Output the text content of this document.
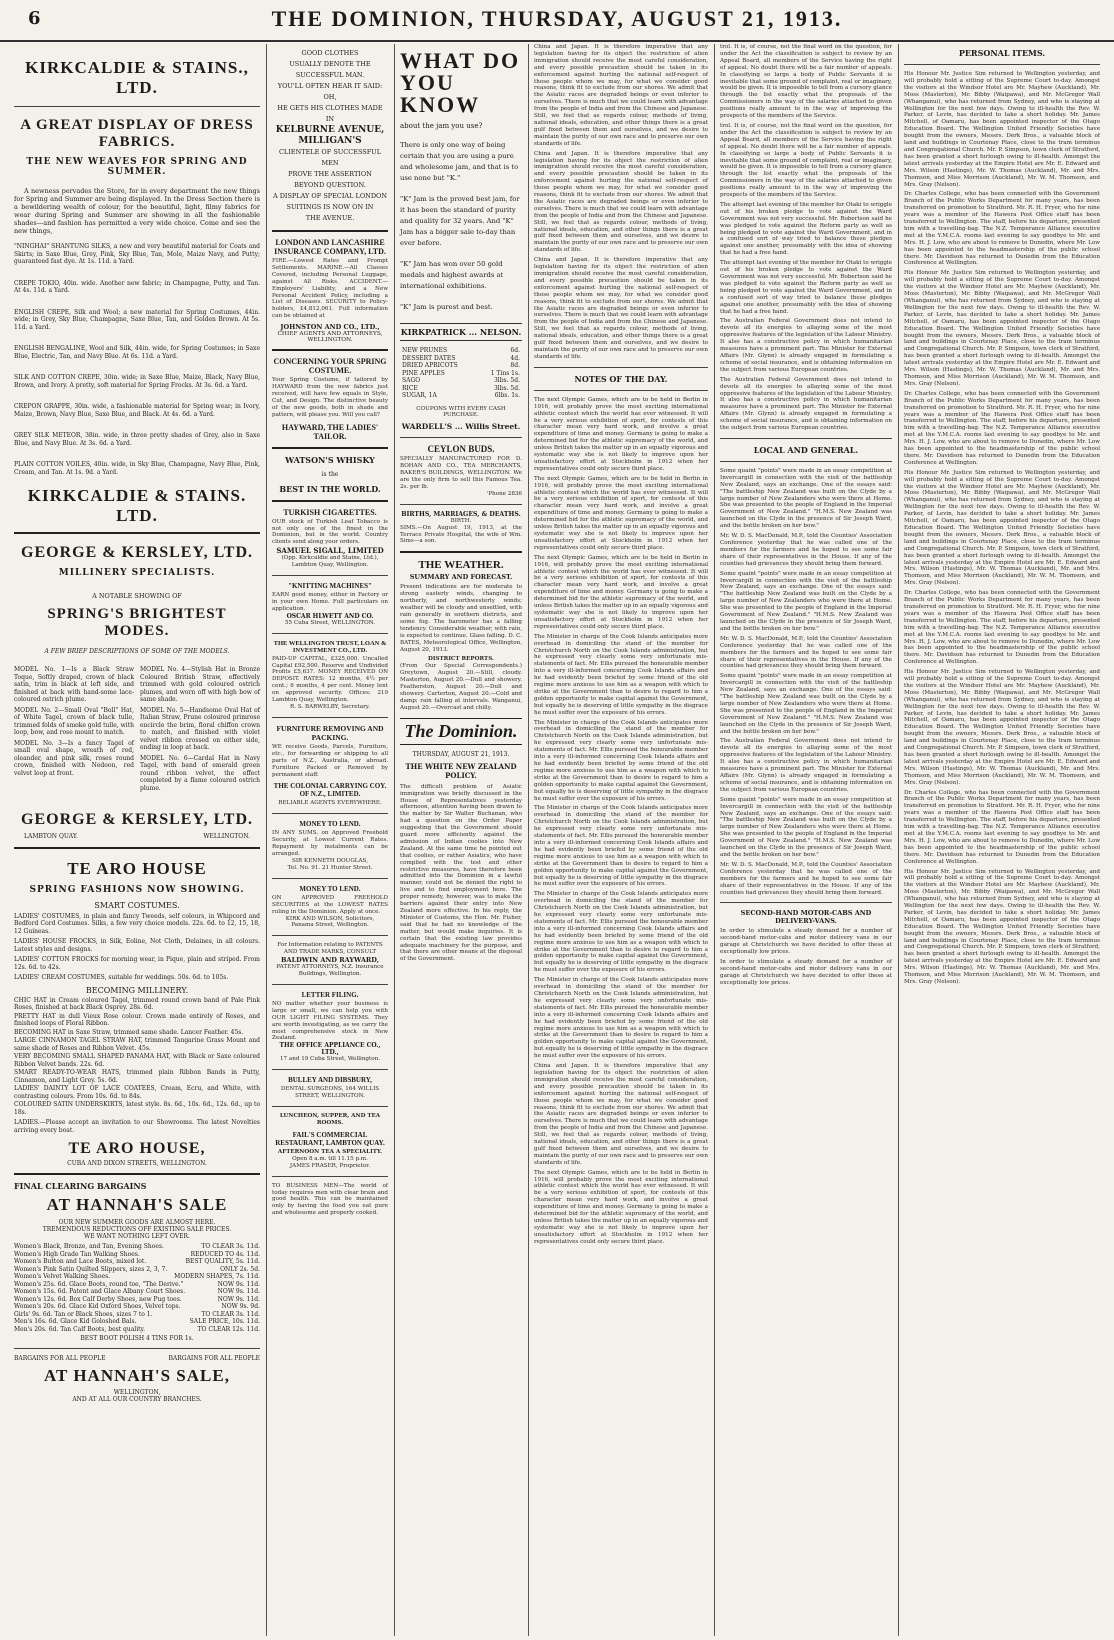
6	THE DOMINION, THURSDAY, AUGUST 21, 1913.
KIRKCALDIE & STAINS., LTD.
A GREAT DISPLAY OF DRESS FABRICS.
THE NEW WEAVES FOR SPRING AND SUMMER.
A newness pervades the Store, for in every department the new things for Spring and Summer are being displayed. In the Dress Section there is a bewildering wealth of colour, for the beautiful, light, filmy fabrics for wear during Spring and Summer are showing in all the fashionable shades—and fashion has permitted a very wide choice. Come and see the new things,
"NINGHAI" SHANTUNG SILKS, a new and very beautiful material for Coats and Skirts; in Saxe Blue, Grey, Pink, Sky Blue, Tan, Mole, Maize Navy, and Putty; guaranteed fast dye. At 1s. 11d. a Yard.
CREPE TOKIO, 40in. wide. Another new fabric; in Champagne, Putty, and Tan. At 4s. 11d. a Yard.
ENGLISH CREPE, Silk and Wool; a new material for Spring Costumes, 44in. wide; in Grey, Sky Blue, Champagne, Saxe Blue, Tan, and Golden Brown. At 5s. 11d. a Yard.
ENGLISH BENGALINE, Wool and Silk, 44in. wide, for Spring Costumes; in Saxe Blue, Electric, Tan, and Navy Blue. At 6s. 11d. a Yard.
SILK AND COTTON CREPE, 30in. wide; in Saxe Blue, Maize, Black, Navy Blue, Brown, and Ivory. A pretty, soft material for Spring Frocks. At 3s. 6d. a Yard.
CREPON GRAPPE, 30in. wide, a fashionable material for Spring wear; in Ivory, Maize, Brown, Navy Blue, Saxe Blue, and Black. At 4s. 6d. a Yard.
GREY SILK METEOR, 38in. wide, in three pretty shades of Grey, also in Saxe Blue, and Navy Blue. At 3s. 6d. a Yard.
PLAIN COTTON VOILES, 40in. wide, in Sky Blue, Champagne, Navy Blue, Pink, Cream, and Tan. At 1s. 9d. a Yard.
KIRKCALDIE & STAINS. LTD.
GEORGE & KERSLEY, LTD.
MILLINERY SPECIALISTS.
A NOTABLE SHOWING OF
SPRING'S BRIGHTEST MODES.
A FEW BRIEF DESCRIPTIONS OF SOME OF THE MODELS.
MODEL No. 1—Is a Black Straw Toque, Softly draped, crown of black satin, trim in black at left side, and finished at back with hand-some lace-coloured ostrich plume.
MODEL No. 2—Small Oval "Boll" Hat, of White Tagel, crown of black tulle, trimmed folds of smoke gold tulle, with loop, bow, and rose mount to match.
MODEL No. 3—Is a fancy Tagel of small oval shape, wreath of red, oleander, and pink silk, roses round crown, finished with Nedoon, red velvet loop at front.
MODEL No. 4—Stylish Hat in Bronze Coloured British Straw, effectively trimmed with gold coloured ostrich plumes, and worn off with high bow of same shade.
MODEL No. 5—Handsome Oval Hat of Italian Straw, Prune coloured primrose encircle the brim, floral chiffon crown to match, and finished with violet velvet ribbon crossed on either side, ending in loop at back.
MODEL No. 6—Cardal Hat in Navy Tagel, with band of emerald green round ribbon velvet, the effect completed by a flame coloured ostrich plume.
GEORGE & KERSLEY, LTD.
LAMBTON QUAY.	WELLINGTON.
TE ARO HOUSE
SPRING FASHIONS NOW SHOWING.
SMART COSTUMES.
LADIES' COSTUMES, in plain and fancy Tweeds, self colours, in Whipcord and Bedford Cord Costumes. Silks, a few very choice models. 22s. 6d. to 12, 15, 18, 12 Guineas.
LADIES' HOUSE FROCKS, in Silk, Eoline, Not Cloth, Delaines, in all colours. Latest styles and designs.
LADIES' COTTON FROCKS for morning wear, in Pique, plain and striped. From 12s. 6d. to 42s.
LADIES' CREAM COSTUMES, suitable for weddings. 50s. 6d. to 105s.
BECOMING MILLINERY.
CHIC HAT in Cream coloured Tagel, trimmed round crown band of Pale Pink Roses, finished at back Black Osprey. 28s. 6d.
PRETTY HAT in dull Vieux Rose colour. Crown made entirely of Roses, and finished loops of Floral Ribbon.
BECOMING HAT in Saxe Straw, trimmed same shade. Lancer Feather. 45s.
LARGE CINNAMON TAGEL STRAW HAT, trimmed Tangarine Grass Mount and same shade of Roses and Ribbon Velvet. 45s.
VERY BECOMING SMALL SHAPED PANAMA HAT, with Black or Saxe coloured Ribbon Velvet bands. 22s. 6d.
SMART READY-TO-WEAR HATS, trimmed plain Ribbon Bands in Putty, Cinnamon, and Light Grey. 5s. 6d.
LADIES' DAINTY LOT OF LACE COATEES, Cream, Ecru, and White, with contrasting colours. From 10s. 6d. to 84s.
COLOURED SATIN UNDERSKIRTS, latest style. 8s. 6d., 10s. 6d., 12s. 6d., up to 18s.
LADIES.—Please accept an invitation to our Showrooms. The latest Novelties arriving every boat.
TE ARO HOUSE,
CUBA AND DIXON STREETS, WELLINGTON.
FINAL CLEARING BARGAINS
AT HANNAH'S SALE
OUR NEW SUMMER GOODS ARE ALMOST HERE.
TREMENDOUS REDUCTIONS OFF EXISTING SALE PRICES.
WE WANT NOTHING LEFT OVER.
Women's Black, Bronze, and Tan, Evening Shoes.	TO CLEAR 3s. 11d.
Women's High Grade Tan Walking Shoes.	REDUCED TO 4s. 11d.
Women's Button and Lace Boots, mixed lot.	BEST QUALITY, 5s. 11d.
Women's Pink Satin Quilted Slippers, sizes 2, 3, 7.	ONLY 2s. 5d.
Women's Velvet Walking Shoes.	MODERN SHAPES, 7s. 11d.
Women's 25s. 6d. Glace Boots, round toe, "The Derive."	NOW 9s. 11d.
Women's 15s. 6d. Patent and Glace Albany Court Shoes.	NOW 9s. 11d.
Women's 12s. 6d. Box Calf Derby Shoes, new Pug toes.	NOW 9s. 11d.
Women's 20s. 6d. Glace Kid Oxford Shoes, Velvet tops.	NOW 9s. 9d.
Girls' 9s. 6d. Tan or Black Shoes, sizes 7 to 1.	TO CLEAR 3s. 11d.
Men's 16s. 6d. Glace Kid Goloshed Bals.	SALE PRICE, 10s. 11d.
Men's 20s. 6d. Tan Calf Boots, best quality.	TO CLEAR 12s. 11d.
BEST BOOT POLISH 4 TINS FOR 1s.
BARGAINS FOR ALL PEOPLE	BARGAINS FOR ALL PEOPLE
AT HANNAH'S SALE,
WELLINGTON,
AND AT ALL OUR COUNTRY BRANCHES.
GOOD CLOTHES
USUALLY DENOTE THE
SUCCESSFUL MAN.
YOU'LL OFTEN HEAR IT SAID: OH,
HE GETS HIS CLOTHES MADE
IN
KELBURNE AVENUE,
MILLIGAN'S
CLIENTELE OF SUCCESSFUL MEN
PROVE THE ASSERTION
BEYOND QUESTION.
A DISPLAY OF SPECIAL LONDON
SUITINGS IS NOW ON IN
THE AVENUE.
LONDON AND LANCASHIRE INSURANCE COMPANY, LTD.
FIRE.—Lowest Rates and Prompt Settlements. MARINE.—All Classes Covered, including Personal Luggage, against All Risks. ACCIDENT.—Employers' Liability, and a New Personal Accident Policy, including a List of Diseases. SECURITY to Policy-holders, £4,812,061. Full information can be obtained at
JOHNSTON AND CO., LTD.,
CHIEF AGENTS AND ATTORNEYS, WELLINGTON.
CONCERNING YOUR SPRING COSTUME.
Your Spring Costume, if tailored by HAYWARD from the new fabrics just received, will have few equals in Style, Cut, and Design. The distinctive beauty of the new goods, both in shade and pattern, will please you. Will you call?
HAYWARD, THE LADIES' TAILOR.
WATSON'S WHISKY
is the
BEST IN THE WORLD.
TURKISH CIGARETTES.
OUR stock of Turkish Leaf Tobacco is not only one of the finest in the Dominion, but in the world. Country clients send along your orders.
SAMUEL SIGALL, LIMITED
(Opp. Kirkcaldie and Stains, Ltd.), Lambton Quay, Wellington.
"KNITTING MACHINES"
EARN good money, either in Factory or in your own Home. Full particulars on application.
OSCAR HLWETT AND CO.
55 Cuba Street, WELLINGTON.
THE WELLINGTON TRUST, LOAN & INVESTMENT CO., LTD.
PAID-UP CAPITAL, £325,000. Uncalled Capital £92,500. Reserve and Undivided Profits £5,637. MONEY RECEIVED ON DEPOSIT. RATES: 12 months, 4½ per cent.; 6 months, 4 per cent. Money lent on approved security. Offices: 219 Lambton Quay, Wellington.
R. S. BARWELBY, Secretary.
FURNITURE REMOVING AND PACKING.
WE receive Goods, Parcels, Furniture, etc., for forwarding or shipping to all parts of N.Z., Australia, or abroad. Furniture Packed or Removed by permanent staff.
THE COLONIAL CARRYING COY. OF N.Z., LIMITED.
RELIABLE AGENTS EVERYWHERE.
MONEY TO LEND.
IN ANY SUMS, on Approved Freehold Security, at Lowest Current Rates. Repayment by instalments can be arranged.
SIR KENNETH DOUGLAS,
Tel. No. 91. 21 Hunter Street.
MONEY TO LEND.
ON APPROVED FREEHOLD SECURITIES at the LOWEST RATES ruling in the Dominion. Apply at once.
KIRK AND WILSON, Solicitors,
Panama Street, Wellington.
For Information relating to PATENTS AND TRADE MARKS, CONSULT
BALDWIN AND RAYWARD,
PATENT ATTORNEYS, N.Z. Insurance Buildings, Wellington.
LETTER FILING.
NO matter whether your business is large or small, we can help you with OUR LIGHT FILING SYSTEMS. They are worth investigating, as we carry the most comprehensive stock in New Zealand.
THE OFFICE APPLIANCE CO., LTD.,
17 and 19 Cuba Street, Wellington.
BULLEY AND DIBSBURY,
DENTAL SURGEONS, 164 WILLIS STREET, WELLINGTON.
LUNCHEON, SUPPER, AND TEA ROOMS.
FAIL'S COMMERCIAL RESTAURANT, LAMBTON QUAY.
AFTERNOON TEA A SPECIALITY.
Open 8 a.m. till 11.15 p.m.
JAMES FRASER, Proprietor.
TO BUSINESS MEN—The world of today requires men with clear brain and good health. This can be maintained only by having the food you eat pure and wholesome and properly cooked.
WHAT DO YOU KNOW
about the jam you use?
There is only one way of being certain that you are using a pure and wholesome jam, and that is to use none but "K."
"K" Jam is the proved best jam, for it has been the standard of purity and quality for 32 years. And "K" Jam has a bigger sale to-day than ever before.
"K" Jam has won over 50 gold medals and highest awards at international exhibitions.
"K" Jam is purest and best.
KIRKPATRICK ... NELSON.
NEW PRUNES	6d.
DESSERT DATES	4d.
DRIED APRICOTS	8d.
PINE APPLES	1 Tins 1s.
SAGO	3lbs. 5d.
RICE	3lbs. 5d.
SUGAR, 1A	6lbs. 1s.
COUPONS WITH EVERY CASH PURCHASE.
WARDELL'S ... Willis Street.
CEYLON BUDS.
SPECIALLY MANUFACTURED FOR D. BOHAN AND CO., TEA MERCHANTS, BAKER'S BUILDINGS, WELLINGTON. We are the only firm to sell this Famous Tea. 2s. per lb.
'Phone 2836
BIRTHS, MARRIAGES, & DEATHS.
BIRTH.
SIMS.—On August 19, 1913, at the Terrace Private Hospital, the wife of Wm. Sims—a son.
THE WEATHER.
SUMMARY AND FORECAST.
Present indications are for moderate to strong easterly winds, changing to northerly, and northwesterly winds; weather will be cloudy and unsettled, with rain generally in southern districts, and some fog. The barometer has a falling tendency. Considerable weather, with rain, is expected to continue. Glass falling. D. C. BATES, Meteorological Office, Wellington, August 20, 1913.
DISTRICT REPORTS.
(From Our Special Correspondents.) Greytown, August 20.—Still, cloudy. Masterton, August 20.—Dull and showery. Featherston, August 20.—Dull and showery. Carterton, August 20.—Cold and damp; rain falling at intervals. Wanganui, August 20.—Overcast and chilly.
The Dominion.
THURSDAY, AUGUST 21, 1913.
THE WHITE NEW ZEALAND POLICY.
The difficult problem of Asiatic immigration was briefly discussed in the House of Representatives yesterday afternoon, attention having been drawn to the matter by Sir Walter Buchanan, who had a question on the Order Paper suggesting that the Government should guard more efficiently against the admission of Indian coolies into New Zealand. At the same time he pointed out that coolies, or rather Asiatics, who have complied with the test and other restrictive measures, have therefore been admitted into the Dominion in a lawful manner, could not be denied the right to live and to find employment here. The proper remedy, however, was to make the barriers against their entry into New Zealand more effective. In his reply, the Minister of Customs, the Hon. Mr. Fisher, said that he had no knowledge of the matter, but would make inquiries. It is certain that the existing law provides adequate machinery for the purpose, and that there are other means at the disposal of the Government.
China and Japan. It is therefore imperative that any legislation having for its object the restriction of alien immigration should receive the most careful consideration, and every possible precaution should be taken in its enforcement against hurting the national self-respect of those people whom we may, for what we consider good reasons, think fit to exclude from our shores. We admit that the Asiatic races are degraded beings or even inferior to ourselves. There is much that we could learn with advantage from the people of India and from the Chinese and Japanese. Still, we feel that as regards colour, methods of living, national ideals, education, and other things there is a great gulf fixed between them and ourselves, and we desire to maintain the purity of our own race and to preserve our own standards of life.
China and Japan. It is therefore imperative that any legislation having for its object the restriction of alien immigration should receive the most careful consideration, and every possible precaution should be taken in its enforcement against hurting the national self-respect of those people whom we may, for what we consider good reasons, think fit to exclude from our shores. We admit that the Asiatic races are degraded beings or even inferior to ourselves. There is much that we could learn with advantage from the people of India and from the Chinese and Japanese. Still, we feel that as regards colour, methods of living, national ideals, education, and other things there is a great gulf fixed between them and ourselves, and we desire to maintain the purity of our own race and to preserve our own standards of life.
China and Japan. It is therefore imperative that any legislation having for its object the restriction of alien immigration should receive the most careful consideration, and every possible precaution should be taken in its enforcement against hurting the national self-respect of those people whom we may, for what we consider good reasons, think fit to exclude from our shores. We admit that the Asiatic races are degraded beings or even inferior to ourselves. There is much that we could learn with advantage from the people of India and from the Chinese and Japanese. Still, we feel that as regards colour, methods of living, national ideals, education, and other things there is a great gulf fixed between them and ourselves, and we desire to maintain the purity of our own race and to preserve our own standards of life.
NOTES OF THE DAY.
The next Olympic Games, which are to be held in Berlin in 1916, will probably prove the most exciting international athletic contest which the world has ever witnessed. It will be a very serious exhibition of sport, for contests of this character mean very hard work, and involve a great expenditure of time and money. Germany is going to make a determined bid for the athletic supremacy of the world, and unless British takes the matter up in an equally vigorous and systematic way she is not likely to improve upon her unsatisfactory effort at Stockholm in 1912 when her representatives could only secure third place.
The next Olympic Games, which are to be held in Berlin in 1916, will probably prove the most exciting international athletic contest which the world has ever witnessed. It will be a very serious exhibition of sport, for contests of this character mean very hard work, and involve a great expenditure of time and money. Germany is going to make a determined bid for the athletic supremacy of the world, and unless British takes the matter up in an equally vigorous and systematic way she is not likely to improve upon her unsatisfactory effort at Stockholm in 1912 when her representatives could only secure third place.
The next Olympic Games, which are to be held in Berlin in 1916, will probably prove the most exciting international athletic contest which the world has ever witnessed. It will be a very serious exhibition of sport, for contests of this character mean very hard work, and involve a great expenditure of time and money. Germany is going to make a determined bid for the athletic supremacy of the world, and unless British takes the matter up in an equally vigorous and systematic way she is not likely to improve upon her unsatisfactory effort at Stockholm in 1912 when her representatives could only secure third place.
The Minister in charge of the Cook Islands anticipates more overhead in domiciling the stand of the member for Christchurch North on the Cook Islands administration, but he expressed very clearly some very unfortunate mis-statements of fact. Mr. Ellis pursued the honourable member into a very ill-informed concerning Cook Islands affairs and he had evidently been briefed by some friend of the old regime more anxious to use him as a weapon with which to strike at the Government than to desire to regard to him a golden opportunity to make capital against the Government, but equally he is deserving of little sympathy in the disgrace he must suffer over the exposure of his errors.
The Minister in charge of the Cook Islands anticipates more overhead in domiciling the stand of the member for Christchurch North on the Cook Islands administration, but he expressed very clearly some very unfortunate mis-statements of fact. Mr. Ellis pursued the honourable member into a very ill-informed concerning Cook Islands affairs and he had evidently been briefed by some friend of the old regime more anxious to use him as a weapon with which to strike at the Government than to desire to regard to him a golden opportunity to make capital against the Government, but equally he is deserving of little sympathy in the disgrace he must suffer over the exposure of his errors.
The Minister in charge of the Cook Islands anticipates more overhead in domiciling the stand of the member for Christchurch North on the Cook Islands administration, but he expressed very clearly some very unfortunate mis-statements of fact. Mr. Ellis pursued the honourable member into a very ill-informed concerning Cook Islands affairs and he had evidently been briefed by some friend of the old regime more anxious to use him as a weapon with which to strike at the Government than to desire to regard to him a golden opportunity to make capital against the Government, but equally he is deserving of little sympathy in the disgrace he must suffer over the exposure of his errors.
The Minister in charge of the Cook Islands anticipates more overhead in domiciling the stand of the member for Christchurch North on the Cook Islands administration, but he expressed very clearly some very unfortunate mis-statements of fact. Mr. Ellis pursued the honourable member into a very ill-informed concerning Cook Islands affairs and he had evidently been briefed by some friend of the old regime more anxious to use him as a weapon with which to strike at the Government than to desire to regard to him a golden opportunity to make capital against the Government, but equally he is deserving of little sympathy in the disgrace he must suffer over the exposure of his errors.
The Minister in charge of the Cook Islands anticipates more overhead in domiciling the stand of the member for Christchurch North on the Cook Islands administration, but he expressed very clearly some very unfortunate mis-statements of fact. Mr. Ellis pursued the honourable member into a very ill-informed concerning Cook Islands affairs and he had evidently been briefed by some friend of the old regime more anxious to use him as a weapon with which to strike at the Government than to desire to regard to him a golden opportunity to make capital against the Government, but equally he is deserving of little sympathy in the disgrace he must suffer over the exposure of his errors.
China and Japan. It is therefore imperative that any legislation having for its object the restriction of alien immigration should receive the most careful consideration, and every possible precaution should be taken in its enforcement against hurting the national self-respect of those people whom we may, for what we consider good reasons, think fit to exclude from our shores. We admit that the Asiatic races are degraded beings or even inferior to ourselves. There is much that we could learn with advantage from the people of India and from the Chinese and Japanese. Still, we feel that as regards colour, methods of living, national ideals, education, and other things there is a great gulf fixed between them and ourselves, and we desire to maintain the purity of our own race and to preserve our own standards of life.
The next Olympic Games, which are to be held in Berlin in 1916, will probably prove the most exciting international athletic contest which the world has ever witnessed. It will be a very serious exhibition of sport, for contests of this character mean very hard work, and involve a great expenditure of time and money. Germany is going to make a determined bid for the athletic supremacy of the world, and unless British takes the matter up in an equally vigorous and systematic way she is not likely to improve upon her unsatisfactory effort at Stockholm in 1912 when her representatives could only secure third place.
trol. It is, of course, not the final word on the question, for under the Act the classification is subject to review by an Appeal Board, all members of the Service having the right of appeal. No doubt there will be a fair number of appeals. In classifying so large a body of Public Servants it is inevitable that some ground of complaint, real or imaginary, would be given. It is impossible to tell from a cursory glance through the list exactly what the proposals of the Commissioners in the way of the salaries attached to given positions really amount to in the way of improving the prospects of the members of the Service.
trol. It is, of course, not the final word on the question, for under the Act the classification is subject to review by an Appeal Board, all members of the Service having the right of appeal. No doubt there will be a fair number of appeals. In classifying so large a body of Public Servants it is inevitable that some ground of complaint, real or imaginary, would be given. It is impossible to tell from a cursory glance through the list exactly what the proposals of the Commissioners in the way of the salaries attached to given positions really amount to in the way of improving the prospects of the members of the Service.
The attempt last evening of the member for Otaki to wriggle out of his broken pledge to vote against the Ward Government was not very successful. Mr. Robertson said he was pledged to vote against the Reform party as well as being pledged to vote against the Ward Government, and in a confused sort of way tried to balance these pledges against one another, presumably with the idea of showing that he had a free hand.
The attempt last evening of the member for Otaki to wriggle out of his broken pledge to vote against the Ward Government was not very successful. Mr. Robertson said he was pledged to vote against the Reform party as well as being pledged to vote against the Ward Government, and in a confused sort of way tried to balance these pledges against one another, presumably with the idea of showing that he had a free hand.
The Australian Federal Government does not intend to devote all its energies to allaying some of the most oppressive features of the legislation of the Labour Ministry. It also has a constructive policy in which humanitarian measures have a prominent part. The Minister for External Affairs (Mr. Glynn) is already engaged in formulating a scheme of social insurance, and is obtaining information on the subject from various European countries.
The Australian Federal Government does not intend to devote all its energies to allaying some of the most oppressive features of the legislation of the Labour Ministry. It also has a constructive policy in which humanitarian measures have a prominent part. The Minister for External Affairs (Mr. Glynn) is already engaged in formulating a scheme of social insurance, and is obtaining information on the subject from various European countries.
LOCAL AND GENERAL.
Some quaint "points" were made in an essay competition at Invercargill in connection with the visit of the battleship New Zealand, says an exchange. One of the essays said: "The battleship New Zealand was built on the Clyde by a large number of New Zealanders who were there at Home. She was presented to the people of England in the Imperial Government of New Zealand." "H.M.S. New Zealand was launched on the Clyde in the presence of Sir Joseph Ward, and the bottle broken on her bow."
Mr. W. D. S. MacDonald, M.P., told the Counties' Association Conference yesterday that he was called one of the members for the farmers and he hoped to see some fair share of their representatives in the House. If any of the counties had grievances they should bring them forward.
Some quaint "points" were made in an essay competition at Invercargill in connection with the visit of the battleship New Zealand, says an exchange. One of the essays said: "The battleship New Zealand was built on the Clyde by a large number of New Zealanders who were there at Home. She was presented to the people of England in the Imperial Government of New Zealand." "H.M.S. New Zealand was launched on the Clyde in the presence of Sir Joseph Ward, and the bottle broken on her bow."
Mr. W. D. S. MacDonald, M.P., told the Counties' Association Conference yesterday that he was called one of the members for the farmers and he hoped to see some fair share of their representatives in the House. If any of the counties had grievances they should bring them forward.
Some quaint "points" were made in an essay competition at Invercargill in connection with the visit of the battleship New Zealand, says an exchange. One of the essays said: "The battleship New Zealand was built on the Clyde by a large number of New Zealanders who were there at Home. She was presented to the people of England in the Imperial Government of New Zealand." "H.M.S. New Zealand was launched on the Clyde in the presence of Sir Joseph Ward, and the bottle broken on her bow."
The Australian Federal Government does not intend to devote all its energies to allaying some of the most oppressive features of the legislation of the Labour Ministry. It also has a constructive policy in which humanitarian measures have a prominent part. The Minister for External Affairs (Mr. Glynn) is already engaged in formulating a scheme of social insurance, and is obtaining information on the subject from various European countries.
Some quaint "points" were made in an essay competition at Invercargill in connection with the visit of the battleship New Zealand, says an exchange. One of the essays said: "The battleship New Zealand was built on the Clyde by a large number of New Zealanders who were there at Home. She was presented to the people of England in the Imperial Government of New Zealand." "H.M.S. New Zealand was launched on the Clyde in the presence of Sir Joseph Ward, and the bottle broken on her bow."
Mr. W. D. S. MacDonald, M.P., told the Counties' Association Conference yesterday that he was called one of the members for the farmers and he hoped to see some fair share of their representatives in the House. If any of the counties had grievances they should bring them forward.
SECOND-HAND MOTOR-CABS AND DELIVERY-VANS.
In order to stimulate a steady demand for a number of second-hand motor-cabs and motor delivery vans in our garage at Christchurch we have decided to offer these at exceptionally low prices.
In order to stimulate a steady demand for a number of second-hand motor-cabs and motor delivery vans in our garage at Christchurch we have decided to offer these at exceptionally low prices.
PERSONAL ITEMS.
His Honour Mr. Justice Sim returned to Wellington yesterday, and will probably hold a sitting of the Supreme Court to-day. Amongst the visitors at the Windsor Hotel are Mr. Mayhew (Auckland), Mr. Moss (Masterton), Mr. Bibby (Waipawa), and Mr. McGregor Wall (Whanganui), who has returned from Sydney, and who is staying at Wellington for the next few days. Owing to ill-health the Rev. W. Parker, of Levin, has decided to take a short holiday. Mr. James Mitchell, of Oamaru, has been appointed inspector of the Otago Education Board. The Wellington United Friendly Societies have bought from the owners, Messrs. Derk Bros., a valuable block of land and buildings in Courtenay Place, close to the tram terminus and Congregational Church. Mr. P. Simpson, town clerk of Stratford, has been granted a short furlough owing to ill-health. Amongst the latest arrivals yesterday at the Empire Hotel are Mr. E. Edward and Mrs. Wilson (Hastings), Mr. W. Thomas (Auckland), Mr. and Mrs. Thomson, and Miss Morrison (Auckland), Mr. W. M. Thomson, and Mrs. Gray (Nelson).
Dr. Charles College, who has been connected with the Government Branch of the Public Works Department for many years, has been transferred on promotion to Stratford. Mr. R. H. Fryer, who for nine years was a member of the Hawera Post Office staff has been transferred to Wellington. The staff, before his departure, presented him with a travelling-bag. The N.Z. Temperance Alliance executive met at the Y.M.C.A. rooms last evening to say goodbye to Mr. and Mrs. H. J. Low, who are about to remove to Dunedin, where Mr. Low has been appointed to the headmastership of the public school there. Mr. Davidson has returned to Dunedin from the Education Conference at Wellington.
His Honour Mr. Justice Sim returned to Wellington yesterday, and will probably hold a sitting of the Supreme Court to-day. Amongst the visitors at the Windsor Hotel are Mr. Mayhew (Auckland), Mr. Moss (Masterton), Mr. Bibby (Waipawa), and Mr. McGregor Wall (Whanganui), who has returned from Sydney, and who is staying at Wellington for the next few days. Owing to ill-health the Rev. W. Parker, of Levin, has decided to take a short holiday. Mr. James Mitchell, of Oamaru, has been appointed inspector of the Otago Education Board. The Wellington United Friendly Societies have bought from the owners, Messrs. Derk Bros., a valuable block of land and buildings in Courtenay Place, close to the tram terminus and Congregational Church. Mr. P. Simpson, town clerk of Stratford, has been granted a short furlough owing to ill-health. Amongst the latest arrivals yesterday at the Empire Hotel are Mr. E. Edward and Mrs. Wilson (Hastings), Mr. W. Thomas (Auckland), Mr. and Mrs. Thomson, and Miss Morrison (Auckland), Mr. W. M. Thomson, and Mrs. Gray (Nelson).
Dr. Charles College, who has been connected with the Government Branch of the Public Works Department for many years, has been transferred on promotion to Stratford. Mr. R. H. Fryer, who for nine years was a member of the Hawera Post Office staff has been transferred to Wellington. The staff, before his departure, presented him with a travelling-bag. The N.Z. Temperance Alliance executive met at the Y.M.C.A. rooms last evening to say goodbye to Mr. and Mrs. H. J. Low, who are about to remove to Dunedin, where Mr. Low has been appointed to the headmastership of the public school there. Mr. Davidson has returned to Dunedin from the Education Conference at Wellington.
His Honour Mr. Justice Sim returned to Wellington yesterday, and will probably hold a sitting of the Supreme Court to-day. Amongst the visitors at the Windsor Hotel are Mr. Mayhew (Auckland), Mr. Moss (Masterton), Mr. Bibby (Waipawa), and Mr. McGregor Wall (Whanganui), who has returned from Sydney, and who is staying at Wellington for the next few days. Owing to ill-health the Rev. W. Parker, of Levin, has decided to take a short holiday. Mr. James Mitchell, of Oamaru, has been appointed inspector of the Otago Education Board. The Wellington United Friendly Societies have bought from the owners, Messrs. Derk Bros., a valuable block of land and buildings in Courtenay Place, close to the tram terminus and Congregational Church. Mr. P. Simpson, town clerk of Stratford, has been granted a short furlough owing to ill-health. Amongst the latest arrivals yesterday at the Empire Hotel are Mr. E. Edward and Mrs. Wilson (Hastings), Mr. W. Thomas (Auckland), Mr. and Mrs. Thomson, and Miss Morrison (Auckland), Mr. W. M. Thomson, and Mrs. Gray (Nelson).
Dr. Charles College, who has been connected with the Government Branch of the Public Works Department for many years, has been transferred on promotion to Stratford. Mr. R. H. Fryer, who for nine years was a member of the Hawera Post Office staff has been transferred to Wellington. The staff, before his departure, presented him with a travelling-bag. The N.Z. Temperance Alliance executive met at the Y.M.C.A. rooms last evening to say goodbye to Mr. and Mrs. H. J. Low, who are about to remove to Dunedin, where Mr. Low has been appointed to the headmastership of the public school there. Mr. Davidson has returned to Dunedin from the Education Conference at Wellington.
His Honour Mr. Justice Sim returned to Wellington yesterday, and will probably hold a sitting of the Supreme Court to-day. Amongst the visitors at the Windsor Hotel are Mr. Mayhew (Auckland), Mr. Moss (Masterton), Mr. Bibby (Waipawa), and Mr. McGregor Wall (Whanganui), who has returned from Sydney, and who is staying at Wellington for the next few days. Owing to ill-health the Rev. W. Parker, of Levin, has decided to take a short holiday. Mr. James Mitchell, of Oamaru, has been appointed inspector of the Otago Education Board. The Wellington United Friendly Societies have bought from the owners, Messrs. Derk Bros., a valuable block of land and buildings in Courtenay Place, close to the tram terminus and Congregational Church. Mr. P. Simpson, town clerk of Stratford, has been granted a short furlough owing to ill-health. Amongst the latest arrivals yesterday at the Empire Hotel are Mr. E. Edward and Mrs. Wilson (Hastings), Mr. W. Thomas (Auckland), Mr. and Mrs. Thomson, and Miss Morrison (Auckland), Mr. W. M. Thomson, and Mrs. Gray (Nelson).
Dr. Charles College, who has been connected with the Government Branch of the Public Works Department for many years, has been transferred on promotion to Stratford. Mr. R. H. Fryer, who for nine years was a member of the Hawera Post Office staff has been transferred to Wellington. The staff, before his departure, presented him with a travelling-bag. The N.Z. Temperance Alliance executive met at the Y.M.C.A. rooms last evening to say goodbye to Mr. and Mrs. H. J. Low, who are about to remove to Dunedin, where Mr. Low has been appointed to the headmastership of the public school there. Mr. Davidson has returned to Dunedin from the Education Conference at Wellington.
His Honour Mr. Justice Sim returned to Wellington yesterday, and will probably hold a sitting of the Supreme Court to-day. Amongst the visitors at the Windsor Hotel are Mr. Mayhew (Auckland), Mr. Moss (Masterton), Mr. Bibby (Waipawa), and Mr. McGregor Wall (Whanganui), who has returned from Sydney, and who is staying at Wellington for the next few days. Owing to ill-health the Rev. W. Parker, of Levin, has decided to take a short holiday. Mr. James Mitchell, of Oamaru, has been appointed inspector of the Otago Education Board. The Wellington United Friendly Societies have bought from the owners, Messrs. Derk Bros., a valuable block of land and buildings in Courtenay Place, close to the tram terminus and Congregational Church. Mr. P. Simpson, town clerk of Stratford, has been granted a short furlough owing to ill-health. Amongst the latest arrivals yesterday at the Empire Hotel are Mr. E. Edward and Mrs. Wilson (Hastings), Mr. W. Thomas (Auckland), Mr. and Mrs. Thomson, and Miss Morrison (Auckland), Mr. W. M. Thomson, and Mrs. Gray (Nelson).
